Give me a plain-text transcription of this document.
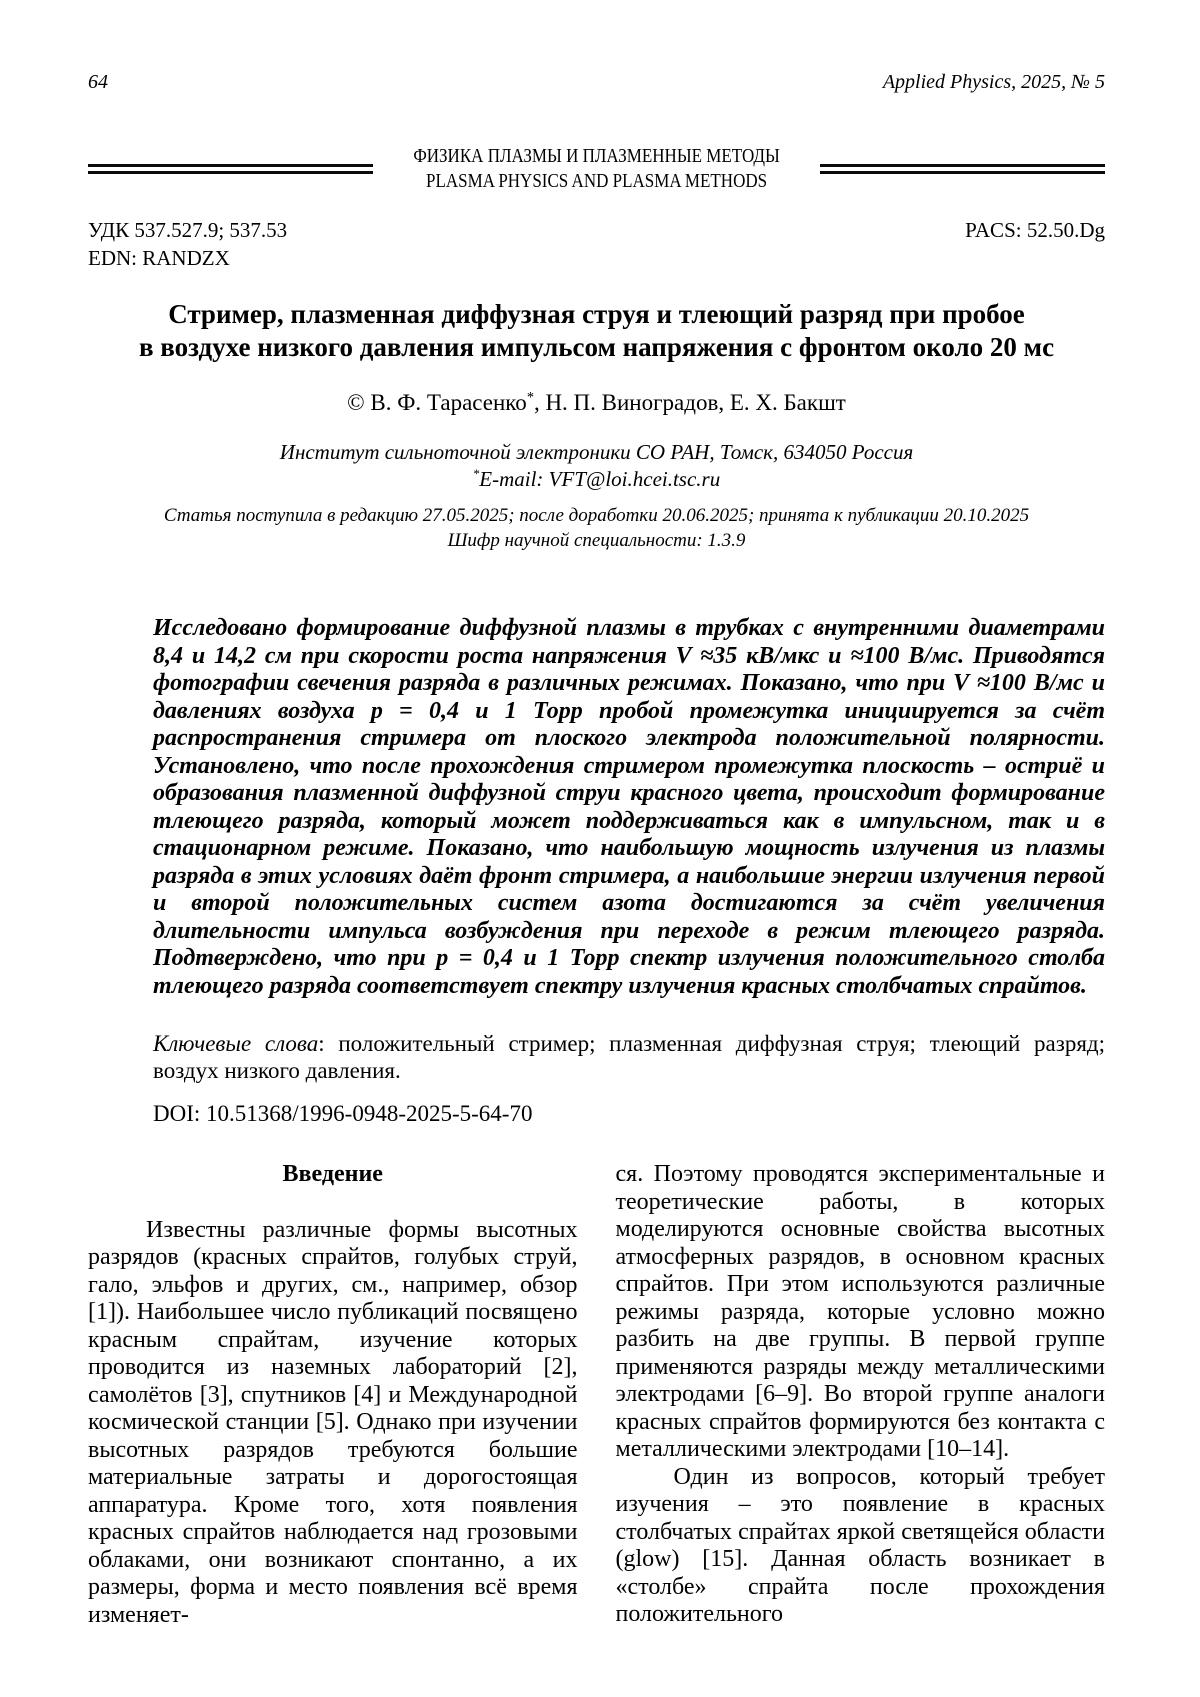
64	Applied Physics, 2025, № 5
ФИЗИКА ПЛАЗМЫ И ПЛАЗМЕННЫЕ МЕТОДЫ
PLASMA PHYSICS AND PLASMA METHODS
УДК 537.527.9; 537.53	PACS: 52.50.Dg
EDN: RANDZX
Стример, плазменная диффузная струя и тлеющий разряд при пробое
в воздухе низкого давления импульсом напряжения с фронтом около 20 мс
© В. Ф. Тарасенко*, Н. П. Виноградов, Е. Х. Бакшт
Институт сильноточной электроники СО РАН, Томск, 634050 Россия
*E-mail: VFT@loi.hcei.tsc.ru
Статья поступила в редакцию 27.05.2025; после доработки 20.06.2025; принята к публикации 20.10.2025
Шифр научной специальности: 1.3.9
Исследовано формирование диффузной плазмы в трубках с внутренними диаметрами 8,4 и 14,2 см при скорости роста напряжения V ≈35 кВ/мкс и ≈100 В/мс. Приводятся фотографии свечения разряда в различных режимах. Показано, что при V ≈100 В/мс и давлениях воздуха p = 0,4 и 1 Торр пробой промежутка инициируется за счёт распространения стримера от плоского электрода положительной полярности. Установлено, что после прохождения стримером промежутка плоскость – остриё и образования плазменной диффузной струи красного цвета, происходит формирование тлеющего разряда, который может поддерживаться как в импульсном, так и в стационарном режиме. Показано, что наибольшую мощность излучения из плазмы разряда в этих условиях даёт фронт стримера, а наибольшие энергии излучения первой и второй положительных систем азота достигаются за счёт увеличения длительности импульса возбуждения при переходе в режим тлеющего разряда. Подтверждено, что при p = 0,4 и 1 Торр спектр излучения положительного столба тлеющего разряда соответствует спектру излучения красных столбчатых спрайтов.

Ключевые слова: положительный стример; плазменная диффузная струя; тлеющий разряд; воздух низкого давления.

DOI: 10.51368/1996-0948-2025-5-64-70
Введение

Известны различные формы высотных разрядов (красных спрайтов, голубых струй, гало, эльфов и других, см., например, обзор [1]). Наибольшее число публикаций посвящено красным спрайтам, изучение которых проводится из наземных лабораторий [2], самолётов [3], спутников [4] и Международной космической станции [5]. Однако при изучении высотных разрядов требуются большие материальные затраты и дорогостоящая аппаратура. Кроме того, хотя появления красных спрайтов наблюдается над грозовыми облаками, они возникают спонтанно, а их размеры, форма и место появления всё время изменяет-

ся. Поэтому проводятся экспериментальные и теоретические работы, в которых моделируются основные свойства высотных атмосферных разрядов, в основном красных спрайтов. При этом используются различные режимы разряда, которые условно можно разбить на две группы. В первой группе применяются разряды между металлическими электродами [6–9]. Во второй группе аналоги красных спрайтов формируются без контакта с металлическими электродами [10–14].

Один из вопросов, который требует изучения – это появление в красных столбчатых спрайтах яркой светящейся области (glow) [15]. Данная область возникает в «столбе» спрайта после прохождения положительного
